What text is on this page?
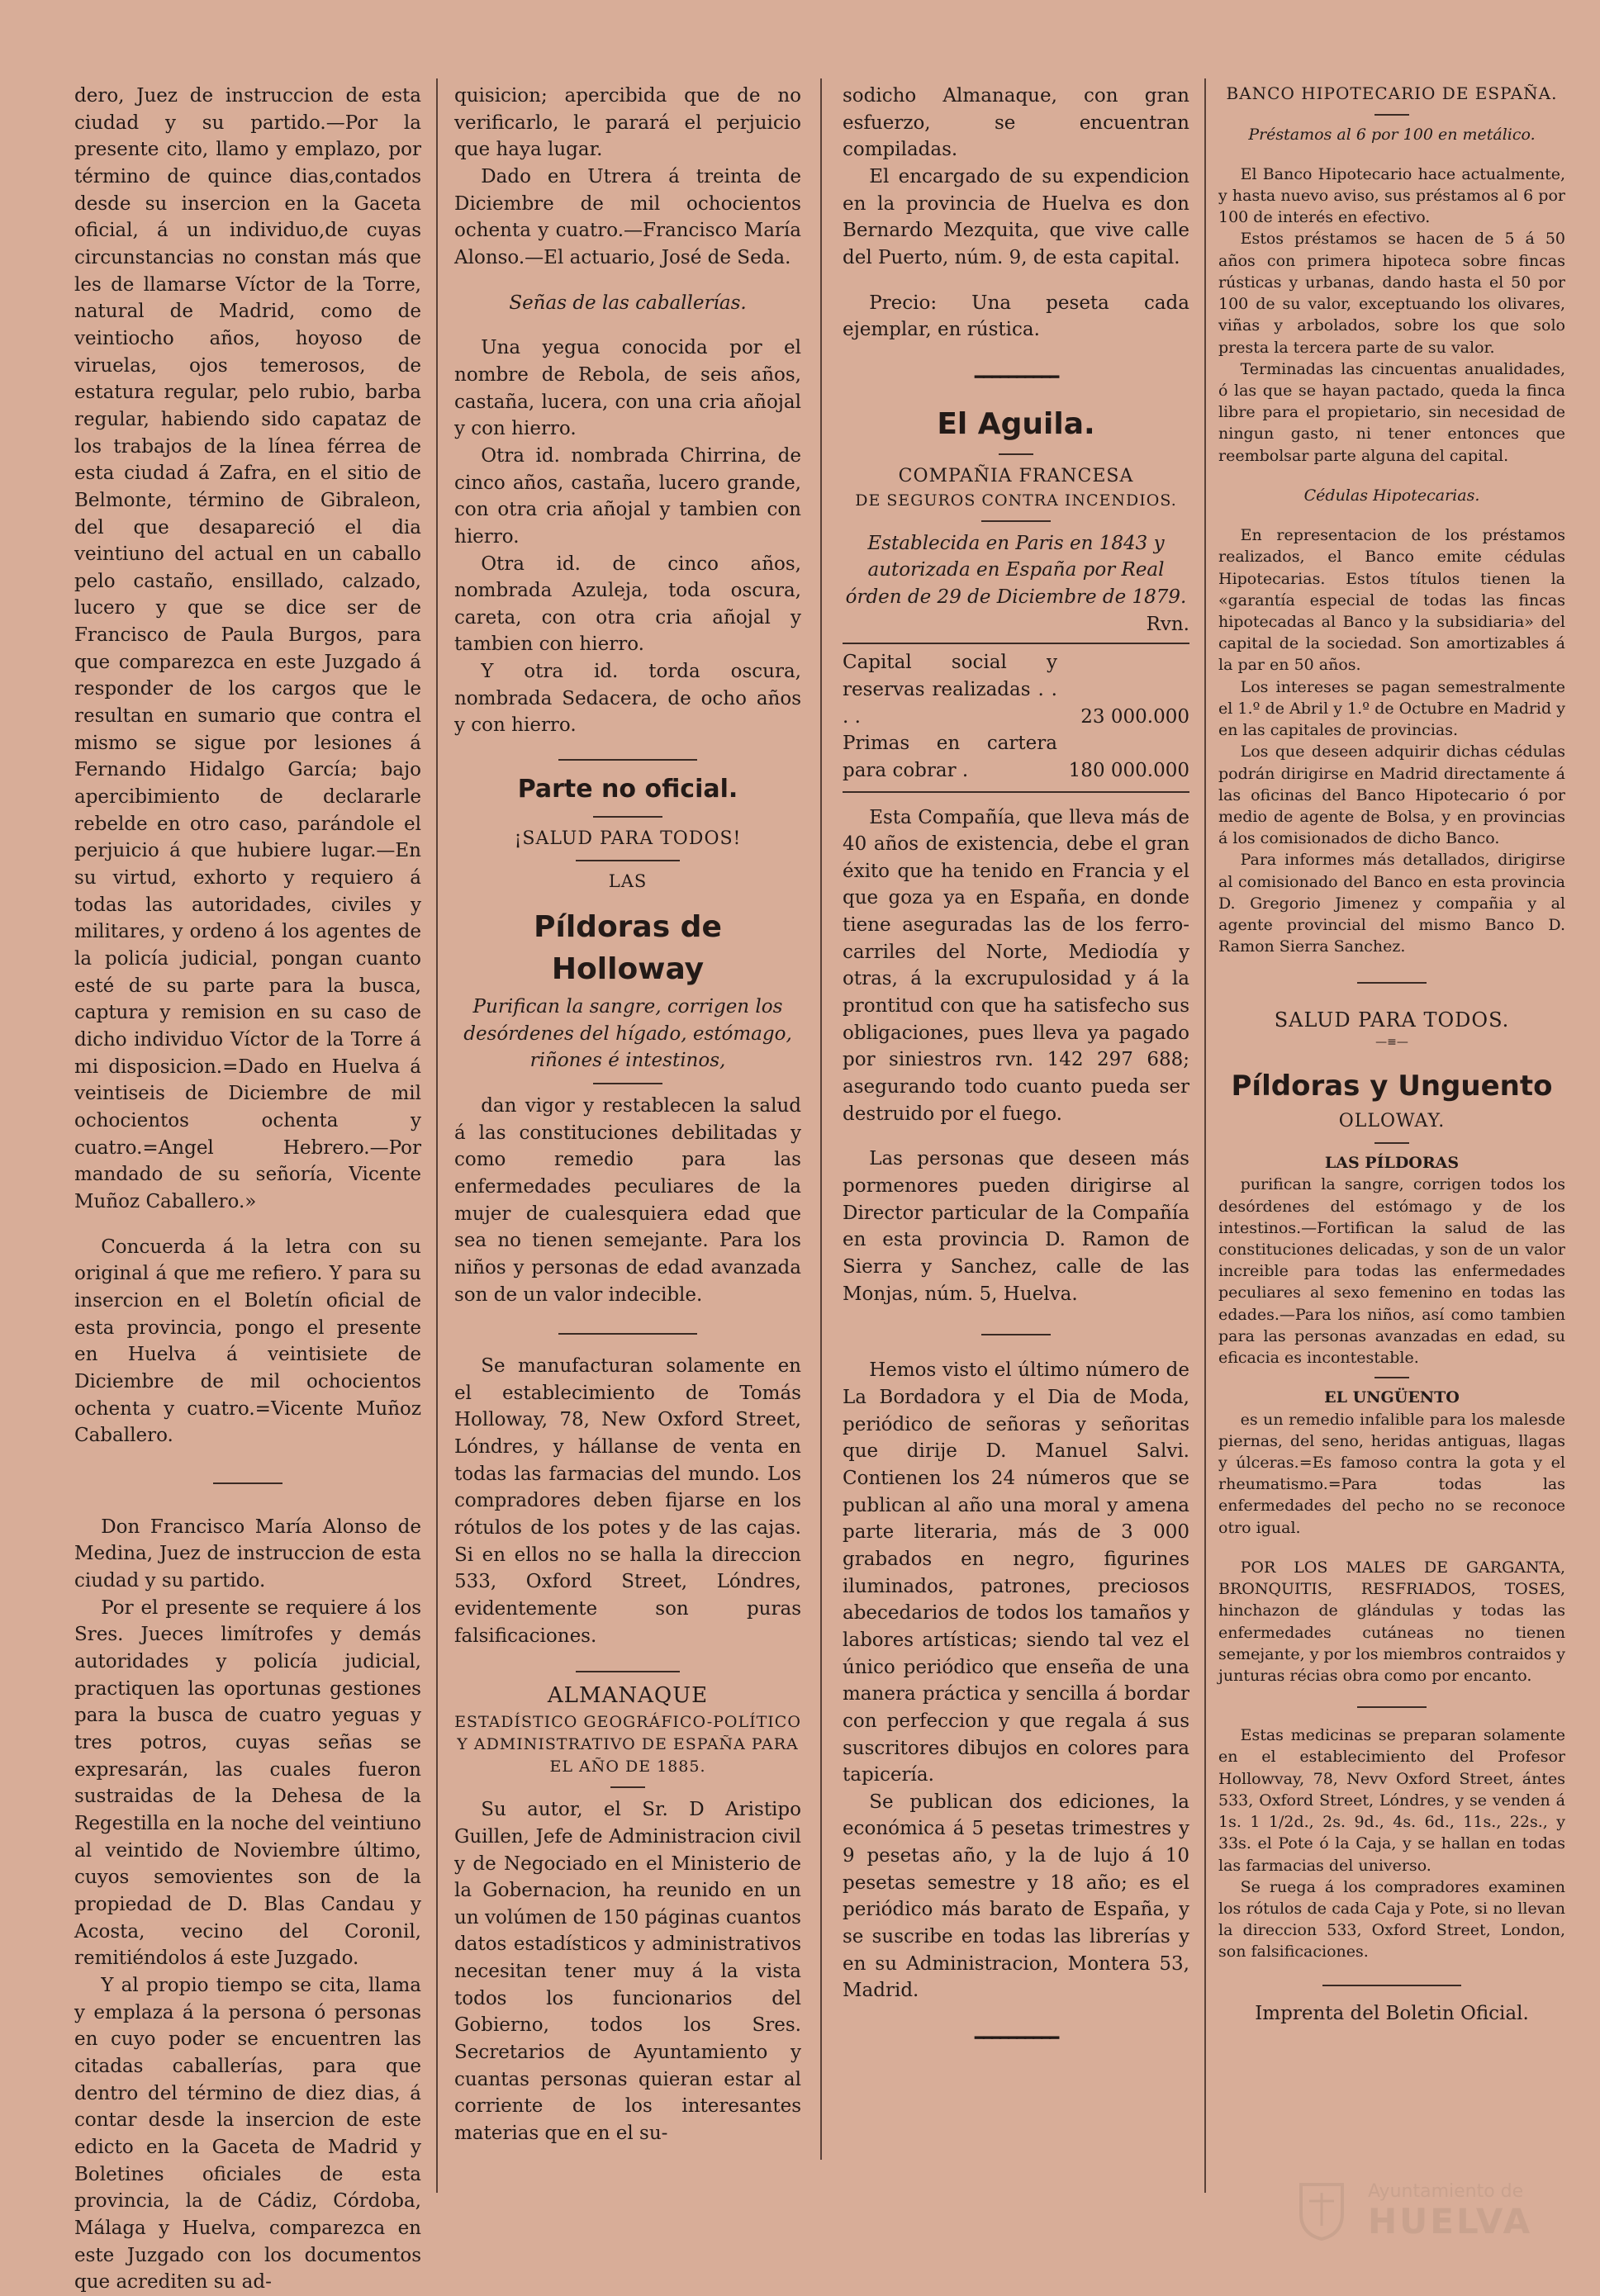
dero, Juez de instruccion de esta ciudad y su partido.—Por la presente cito, llamo y emplazo, por término de quince dias,contados desde su insercion en la Gaceta oficial, á un individuo,de cuyas circunstancias no constan más que les de llamarse Víctor de la Torre, natural de Madrid, como de veintiocho años, hoyoso de viruelas, ojos temerosos, de estatura regular, pelo rubio, barba regular, habiendo sido capataz de los trabajos de la línea férrea de esta ciudad á Zafra, en el sitio de Belmonte, término de Gibraleon, del que desapareció el dia veintiuno del actual en un caballo pelo castaño, ensillado, calzado, lucero y que se dice ser de Francisco de Paula Burgos, para que comparezca en este Juzgado á responder de los cargos que le resultan en sumario que contra el mismo se sigue por lesiones á Fernando Hidalgo García; bajo apercibimiento de declararle rebelde en otro caso, parándole el perjuicio á que hubiere lugar.—En su virtud, exhorto y requiero á todas las autoridades, civiles y militares, y ordeno á los agentes de la policía judicial, pongan cuanto esté de su parte para la busca, captura y remision en su caso de dicho individuo Víctor de la Torre á mi disposicion.=Dado en Huelva á veintiseis de Diciembre de mil ochocientos ochenta y cuatro.=Angel Hebrero.—Por mandado de su señoría, Vicente Muñoz Caballero.»

Concuerda á la letra con su original á que me refiero. Y para su insercion en el Boletín oficial de esta provincia, pongo el presente en Huelva á veintisiete de Diciembre de mil ochocientos ochenta y cuatro.=Vicente Muñoz Caballero.

Don Francisco María Alonso de Medina, Juez de instruccion de esta ciudad y su partido.

Por el presente se requiere á los Sres. Jueces limítrofes y demás autoridades y policía judicial, practiquen las oportunas gestiones para la busca de cuatro yeguas y tres potros, cuyas señas se expresarán, las cuales fueron sustraidas de la Dehesa de la Regestilla en la noche del veintiuno al veintido de Noviembre último, cuyos semovientes son de la propiedad de D. Blas Candau y Acosta, vecino del Coronil, remitiéndolos á este Juzgado.

Y al propio tiempo se cita, llama y emplaza á la persona ó personas en cuyo poder se encuentren las citadas caballerías, para que dentro del término de diez dias, á contar desde la insercion de este edicto en la Gaceta de Madrid y Boletines oficiales de esta provincia, la de Cádiz, Córdoba, Málaga y Huelva, comparezca en este Juzgado con los documentos que acrediten su ad-

quisicion; apercibida que de no verificarlo, le parará el perjuicio que haya lugar.

Dado en Utrera á treinta de Diciembre de mil ochocientos ochenta y cuatro.—Francisco María Alonso.—El actuario, José de Seda.

Señas de las caballerías.

Una yegua conocida por el nombre de Rebola, de seis años, castaña, lucera, con una cria añojal y con hierro.

Otra id. nombrada Chirrina, de cinco años, castaña, lucero grande, con otra cria añojal y tambien con hierro.

Otra id. de cinco años, nombrada Azuleja, toda oscura, careta, con otra cria añojal y tambien con hierro.

Y otra id. torda oscura, nombrada Sedacera, de ocho años y con hierro.

Parte no oficial.
¡SALUD PARA TODOS!
LAS
Píldoras de Holloway

Purifican la sangre, corrigen los desórdenes del hígado, estómago, riñones é intestinos,

dan vigor y restablecen la salud á las constituciones debilitadas y como remedio para las enfermedades peculiares de la mujer de cualesquiera edad que sea no tienen semejante. Para los niños y personas de edad avanzada son de un valor indecible.

Se manufacturan solamente en el establecimiento de Tomás Holloway, 78, New Oxford Street, Lóndres, y hállanse de venta en todas las farmacias del mundo. Los compradores deben fijarse en los rótulos de los potes y de las cajas. Si en ellos no se halla la direccion 533, Oxford Street, Lóndres, evidentemente son puras falsificaciones.

ALMANAQUE

ESTADÍSTICO GEOGRÁFICO-POLÍTICO Y ADMINISTRATIVO DE ESPAÑA PARA EL AÑO DE 1885.

Su autor, el Sr. D Aristipo Guillen, Jefe de Administracion civil y de Negociado en el Ministerio de la Gobernacion, ha reunido en un un volúmen de 150 páginas cuantos datos estadísticos y administrativos necesitan tener muy á la vista todos los funcionarios del Gobierno, todos los Sres. Secretarios de Ayuntamiento y cuantas personas quieran estar al corriente de los interesantes materias que en el su-

sodicho Almanaque, con gran esfuerzo, se encuentran compiladas.

El encargado de su expendicion en la provincia de Huelva es don Bernardo Mezquita, que vive calle del Puerto, núm. 9, de esta capital.

Precio: Una peseta cada ejemplar, en rústica.

━━━━━━━━━━
El Aguila.
COMPAÑIA FRANCESA
DE SEGUROS CONTRA INCENDIOS.

Establecida en Paris en 1843 y autorizada en España por Real órden de 29 de Diciembre de 1879.

Rvn.

Capital social y reservas realizadas . . . .	23 000.000
Primas en cartera para cobrar .	180 000.000

Esta Compañía, que lleva más de 40 años de existencia, debe el gran éxito que ha tenido en Francia y el que goza ya en España, en donde tiene aseguradas las de los ferro-carriles del Norte, Mediodía y otras, á la excrupulosidad y á la prontitud con que ha satisfecho sus obligaciones, pues lleva ya pagado por siniestros rvn. 142 297 688; asegurando todo cuanto pueda ser destruido por el fuego.

Las personas que deseen más pormenores pueden dirigirse al Director particular de la Compañía en esta provincia D. Ramon de Sierra y Sanchez, calle de las Monjas, núm. 5, Huelva.

Hemos visto el último número de La Bordadora y el Dia de Moda, periódico de señoras y señoritas que dirije D. Manuel Salvi. Contienen los 24 números que se publican al año una moral y amena parte literaria, más de 3 000 grabados en negro, figurines iluminados, patrones, preciosos abecedarios de todos los tamaños y labores artísticas; siendo tal vez el único periódico que enseña de una manera práctica y sencilla á bordar con perfeccion y que regala á sus suscritores dibujos en colores para tapicería.

Se publican dos ediciones, la económica á 5 pesetas trimestres y 9 pesetas año, y la de lujo á 10 pesetas semestre y 18 año; es el periódico más barato de España, y se suscribe en todas las librerías y en su Administracion, Montera 53, Madrid.

━━━━━━━━━━
BANCO HIPOTECARIO DE ESPAÑA.

Préstamos al 6 por 100 en metálico.

El Banco Hipotecario hace actualmente, y hasta nuevo aviso, sus préstamos al 6 por 100 de interés en efectivo.

Estos préstamos se hacen de 5 á 50 años con primera hipoteca sobre fincas rústicas y urbanas, dando hasta el 50 por 100 de su valor, exceptuando los olivares, viñas y arbolados, sobre los que solo presta la tercera parte de su valor.

Terminadas las cincuentas anualidades, ó las que se hayan pactado, queda la finca libre para el propietario, sin necesidad de ningun gasto, ni tener entonces que reembolsar parte alguna del capital.

Cédulas Hipotecarias.

En representacion de los préstamos realizados, el Banco emite cédulas Hipotecarias. Estos títulos tienen la «garantía especial de todas las fincas hipotecadas al Banco y la subsidiaria» del capital de la sociedad. Son amortizables á la par en 50 años.

Los intereses se pagan semestralmente el 1.º de Abril y 1.º de Octubre en Madrid y en las capitales de provincias.

Los que deseen adquirir dichas cédulas podrán dirigirse en Madrid directamente á las oficinas del Banco Hipotecario ó por medio de agente de Bolsa, y en provincias á los comisionados de dicho Banco.

Para informes más detallados, dirigirse al comisionado del Banco en esta provincia D. Gregorio Jimenez y compañia y al agente provincial del mismo Banco D. Ramon Sierra Sanchez.

SALUD PARA TODOS.
—≡—
Píldoras y Unguento
OLLOWAY.

LAS PÍLDORAS

purifican la sangre, corrigen todos los desórdenes del estómago y de los intestinos.—Fortifican la salud de las constituciones delicadas, y son de un valor increible para todas las enfermedades peculiares al sexo femenino en todas las edades.—Para los niños, así como tambien para las personas avanzadas en edad, su eficacia es incontestable.

EL UNGÜENTO

es un remedio infalible para los malesde piernas, del seno, heridas antiguas, llagas y úlceras.=Es famoso contra la gota y el rheumatismo.=Para todas las enfermedades del pecho no se reconoce otro igual.

POR LOS MALES DE GARGANTA, BRONQUITIS, RESFRIADOS, TOSES, hinchazon de glándulas y todas las enfermedades cutáneas no tienen semejante, y por los miembros contraidos y junturas récias obra como por encanto.

Estas medicinas se preparan solamente en el establecimiento del Profesor Hollowvay, 78, Nevv Oxford Street, ántes 533, Oxford Street, Lóndres, y se venden á 1s. 1 1/2d., 2s. 9d., 4s. 6d., 11s., 22s., y 33s. el Pote ó la Caja, y se hallan en todas las farmacias del universo.

Se ruega á los compradores examinen los rótulos de cada Caja y Pote, si no llevan la direccion 533, Oxford Street, London, son falsificaciones.

Imprenta del Boletin Oficial.

Ayuntamiento de
HUELVA
